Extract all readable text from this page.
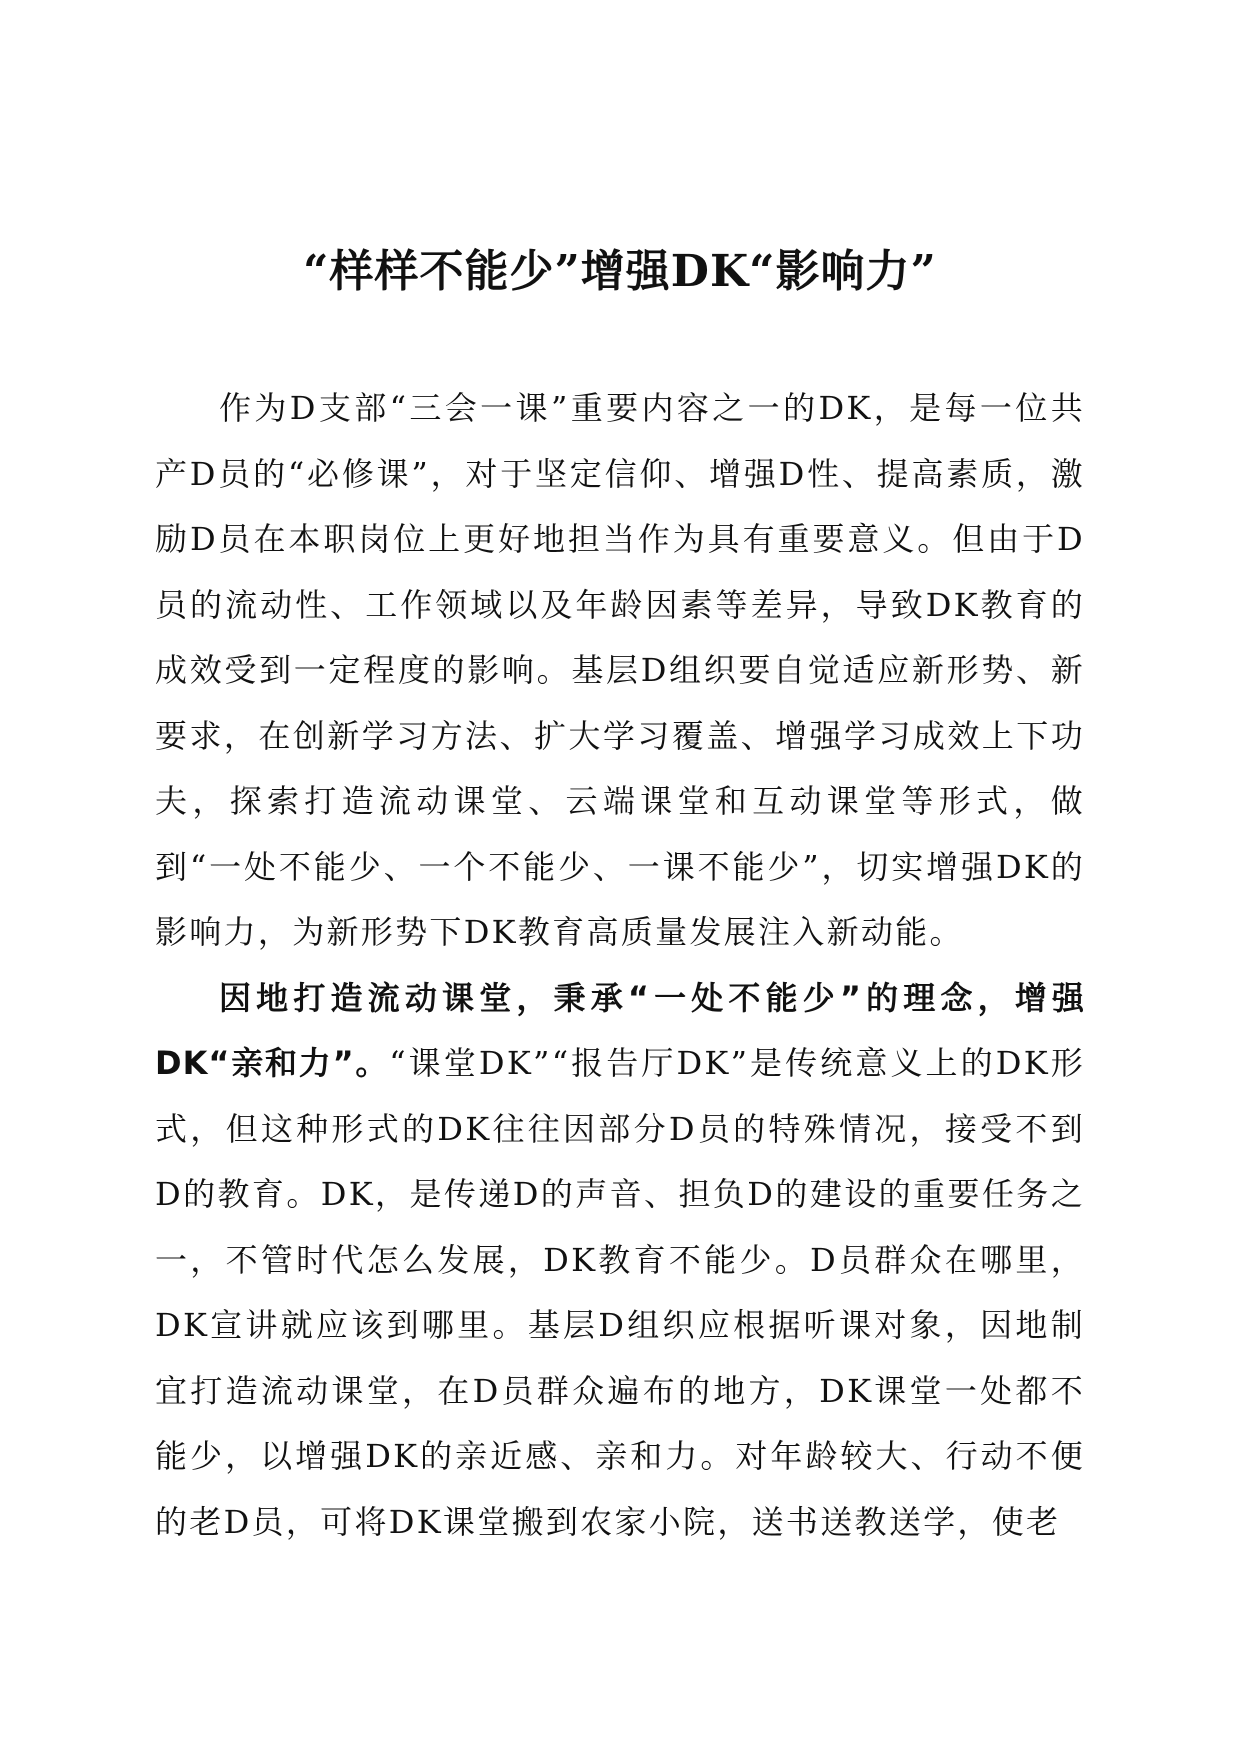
“样样不能少”增强DK“影响力”

作为D支部“三会一课”重要内容之一的DK，是每一位共产D员的“必修课”，对于坚定信仰、增强D性、提高素质，激励D员在本职岗位上更好地担当作为具有重要意义。但由于D员的流动性、工作领域以及年龄因素等差异，导致DK教育的成效受到一定程度的影响。基层D组织要自觉适应新形势、新要求，在创新学习方法、扩大学习覆盖、增强学习成效上下功夫，探索打造流动课堂、云端课堂和互动课堂等形式，做到“一处不能少、一个不能少、一课不能少”，切实增强DK的影响力，为新形势下DK教育高质量发展注入新动能。

因地打造流动课堂，秉承“一处不能少”的理念，增强DK“亲和力”。“课堂DK”“报告厅DK”是传统意义上的DK形式，但这种形式的DK往往因部分D员的特殊情况，接受不到D的教育。DK，是传递D的声音、担负D的建设的重要任务之一，不管时代怎么发展，DK教育不能少。D员群众在哪里，DK宣讲就应该到哪里。基层D组织应根据听课对象，因地制宜打造流动课堂，在D员群众遍布的地方，DK课堂一处都不能少，以增强DK的亲近感、亲和力。对年龄较大、行动不便的老D员，可将DK课堂搬到农家小院，送书送教送学，使老
